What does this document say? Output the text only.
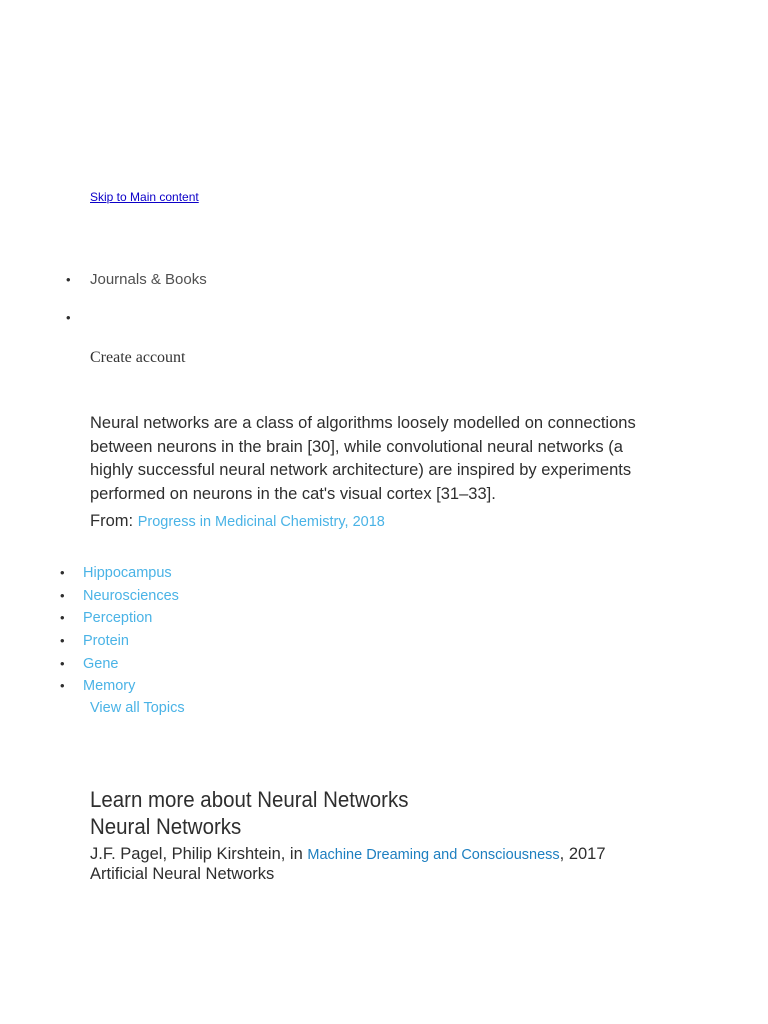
Skip to Main content
• Journals & Books
•
Create account

Neural networks are a class of algorithms loosely modelled on connections between neurons in the brain [30], while convolutional neural networks (a highly successful neural network architecture) are inspired by experiments performed on neurons in the cat's visual cortex [31–33].

From: Progress in Medicinal Chemistry, 2018
• Hippocampus
• Neurosciences
• Perception
• Protein
• Gene
• Memory
View all Topics
Learn more about Neural Networks
Neural Networks
J.F. Pagel, Philip Kirshtein, in Machine Dreaming and Consciousness, 2017
Artificial Neural Networks
